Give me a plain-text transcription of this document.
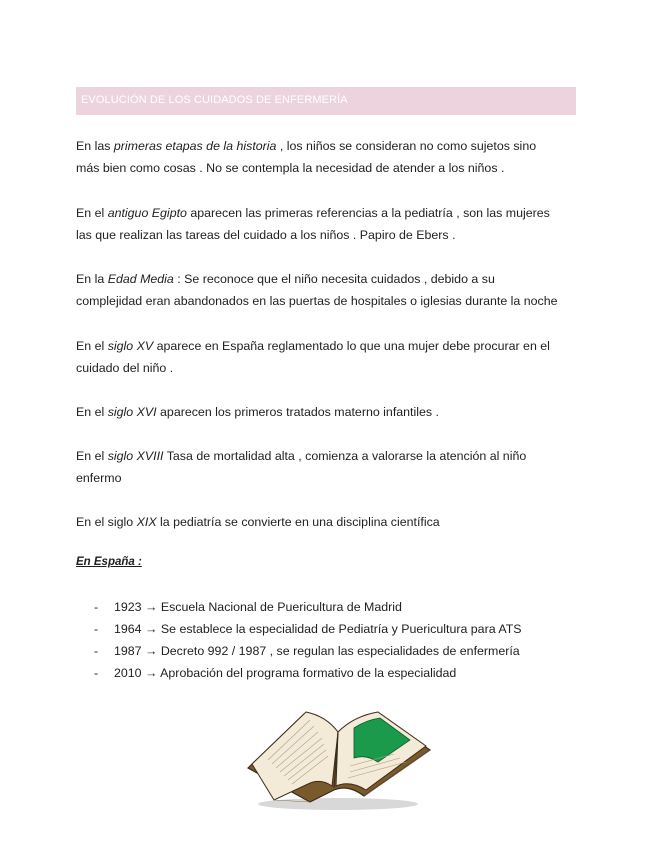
EVOLUCIÓN DE LOS CUIDADOS DE ENFERMERÍA
En las primeras etapas de la historia , los niños se consideran no como sujetos sino
más bien como cosas . No se contempla la necesidad de atender a los niños .
En el antiguo Egipto aparecen las primeras referencias a la pediatría , son las mujeres
las que realizan las tareas del cuidado a los niños . Papiro de Ebers .
En la Edad Media : Se reconoce que el niño necesita cuidados , debido a su
complejidad eran abandonados en las puertas de hospitales o iglesias durante la noche
En el siglo XV aparece en España reglamentado lo que una mujer debe procurar en el
cuidado del niño .
En el siglo XVI aparecen los primeros tratados materno infantiles .
En el siglo XVIII Tasa de mortalidad alta , comienza a valorarse la atención al niño
enfermo
En el siglo XIX la pediatría se convierte en una disciplina científica
En España :
- 1923 → Escuela Nacional de Puericultura de Madrid
- 1964 → Se establece la especialidad de Pediatría y Puericultura para ATS
- 1987 → Decreto 992 / 1987 , se regulan las especialidades de enfermería
- 2010 → Aprobación del programa formativo de la especialidad
